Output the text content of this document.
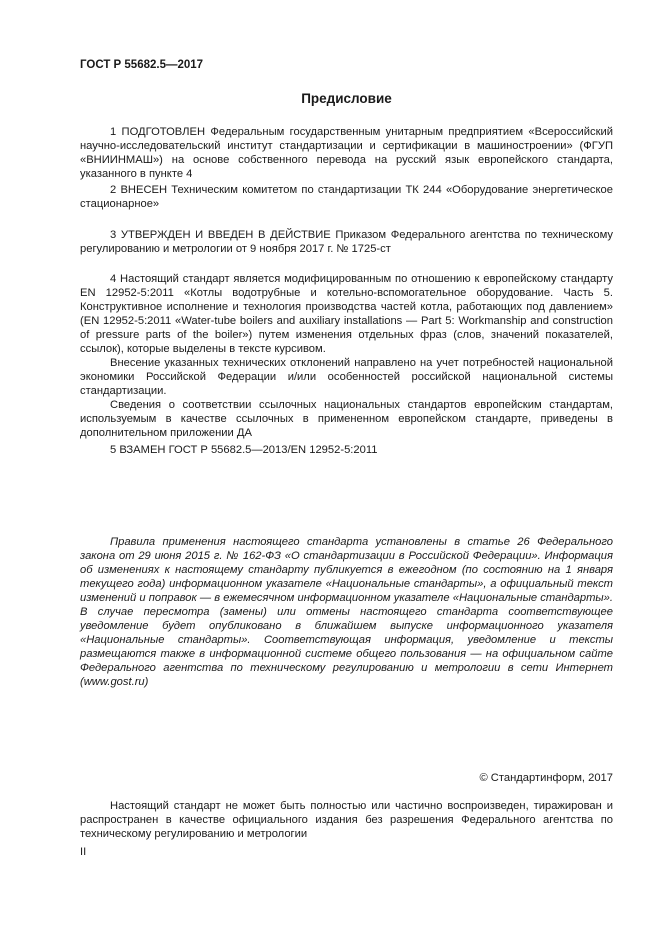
ГОСТ Р 55682.5—2017
Предисловие

1 ПОДГОТОВЛЕН Федеральным государственным унитарным предприятием «Всероссийский научно-исследовательский институт стандартизации и сертификации в машиностроении» (ФГУП «ВНИИНМАШ») на основе собственного перевода на русский язык европейского стандарта, указанного в пункте 4

2 ВНЕСЕН Техническим комитетом по стандартизации ТК 244 «Оборудование энергетическое стационарное»

3 УТВЕРЖДЕН И ВВЕДЕН В ДЕЙСТВИЕ Приказом Федерального агентства по техническому регулированию и метрологии от 9 ноября 2017 г. № 1725-ст

4 Настоящий стандарт является модифицированным по отношению к европейскому стандарту EN 12952-5:2011 «Котлы водотрубные и котельно-вспомогательное оборудование. Часть 5. Конструктивное исполнение и технология производства частей котла, работающих под давлением» (EN 12952-5:2011 «Water-tube boilers and auxiliary installations — Part 5: Workmanship and construction of pressure parts of the boiler») путем изменения отдельных фраз (слов, значений показателей, ссылок), которые выделены в тексте курсивом.

Внесение указанных технических отклонений направлено на учет потребностей национальной экономики Российской Федерации и/или особенностей российской национальной системы стандартизации.

Сведения о соответствии ссылочных национальных стандартов европейским стандартам, используемым в качестве ссылочных в примененном европейском стандарте, приведены в дополнительном приложении ДА

5 ВЗАМЕН ГОСТ Р 55682.5—2013/EN 12952-5:2011

Правила применения настоящего стандарта установлены в статье 26 Федерального закона от 29 июня 2015 г. № 162-ФЗ «О стандартизации в Российской Федерации». Информация об изменениях к настоящему стандарту публикуется в ежегодном (по состоянию на 1 января текущего года) информационном указателе «Национальные стандарты», а официальный текст изменений и поправок — в ежемесячном информационном указателе «Национальные стандарты». В случае пересмотра (замены) или отмены настоящего стандарта соответствующее уведомление будет опубликовано в ближайшем выпуске информационного указателя «Национальные стандарты». Соответствующая информация, уведомление и тексты размещаются также в информационной системе общего пользования — на официальном сайте Федерального агентства по техническому регулированию и метрологии в сети Интернет (www.gost.ru)

© Стандартинформ, 2017

Настоящий стандарт не может быть полностью или частично воспроизведен, тиражирован и распространен в качестве официального издания без разрешения Федерального агентства по техническому регулированию и метрологии

II
